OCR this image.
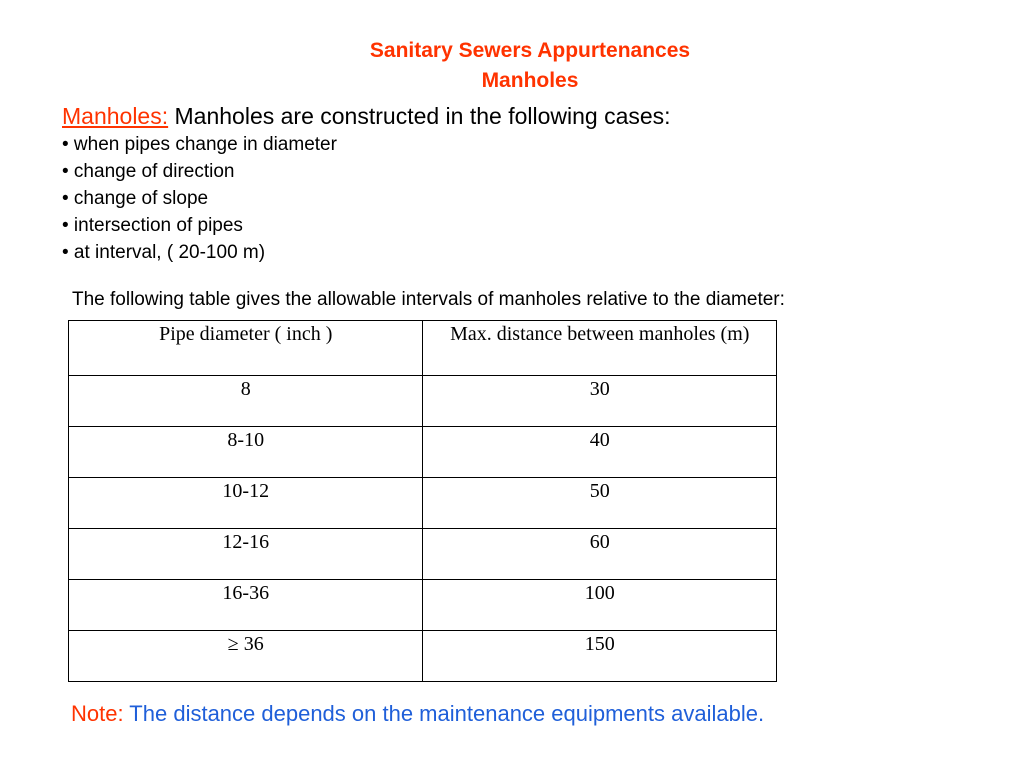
Sanitary Sewers Appurtenances
Manholes
Manholes: Manholes are constructed in the following cases:
• when pipes change in diameter
• change of direction
• change of slope
• intersection of pipes
• at interval, ( 20-100 m)
The following table gives the allowable intervals of manholes relative to the diameter:
Pipe diameter ( inch )	Max. distance between manholes (m)
8	30
8-10	40
10-12	50
12-16	60
16-36	100
≥ 36	150
Note: The distance depends on the maintenance equipments available.
